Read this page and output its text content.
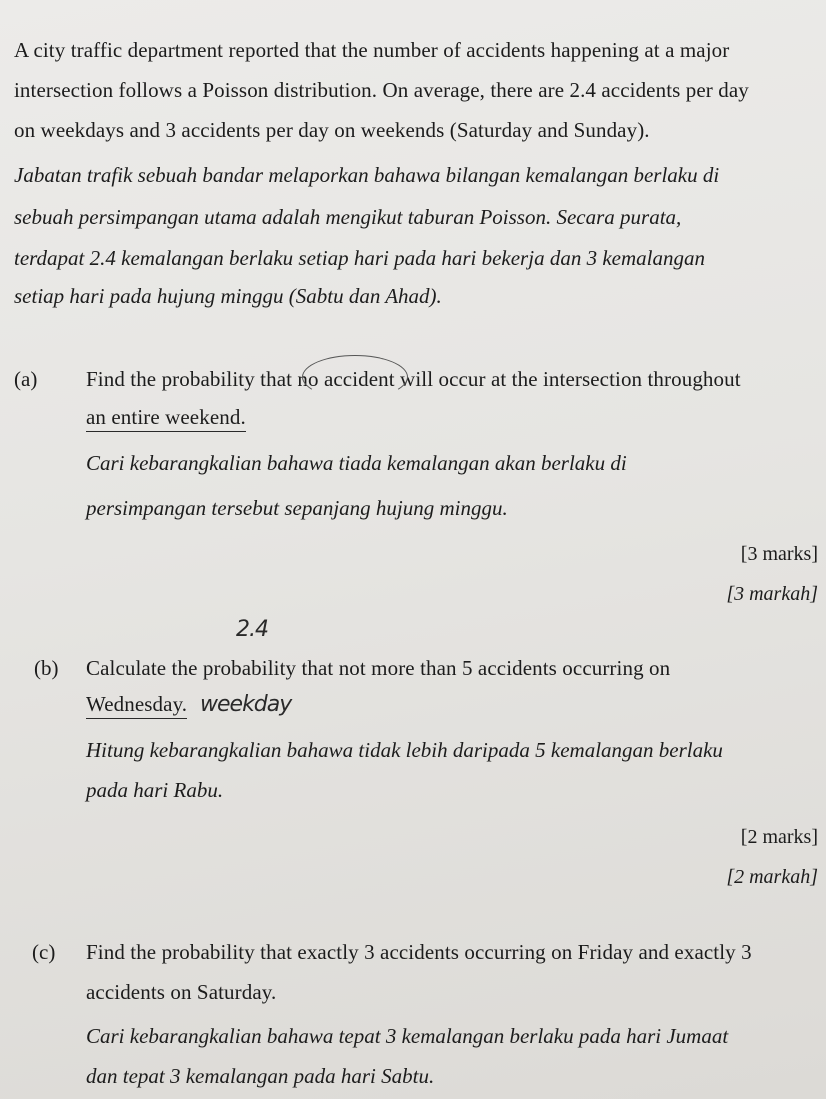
A city traffic department reported that the number of accidents happening at a major
intersection follows a Poisson distribution. On average, there are 2.4 accidents per day
on weekdays and 3 accidents per day on weekends (Saturday and Sunday).
Jabatan trafik sebuah bandar melaporkan bahawa bilangan kemalangan berlaku di
sebuah persimpangan utama adalah mengikut taburan Poisson. Secara purata,
terdapat 2.4 kemalangan berlaku setiap hari pada hari bekerja dan 3 kemalangan
setiap hari pada hujung minggu (Sabtu dan Ahad).
(a) Find the probability that no accident will occur at the intersection throughout
an entire weekend.
Cari kebarangkalian bahawa tiada kemalangan akan berlaku di
persimpangan tersebut sepanjang hujung minggu.
[3 marks]
[3 markah]
2.4
(b) Calculate the probability that not more than 5 accidents occurring on
Wednesday. weekday
Hitung kebarangkalian bahawa tidak lebih daripada 5 kemalangan berlaku
pada hari Rabu.
[2 marks]
[2 markah]
(c) Find the probability that exactly 3 accidents occurring on Friday and exactly 3
accidents on Saturday.
Cari kebarangkalian bahawa tepat 3 kemalangan berlaku pada hari Jumaat
dan tepat 3 kemalangan pada hari Sabtu.
